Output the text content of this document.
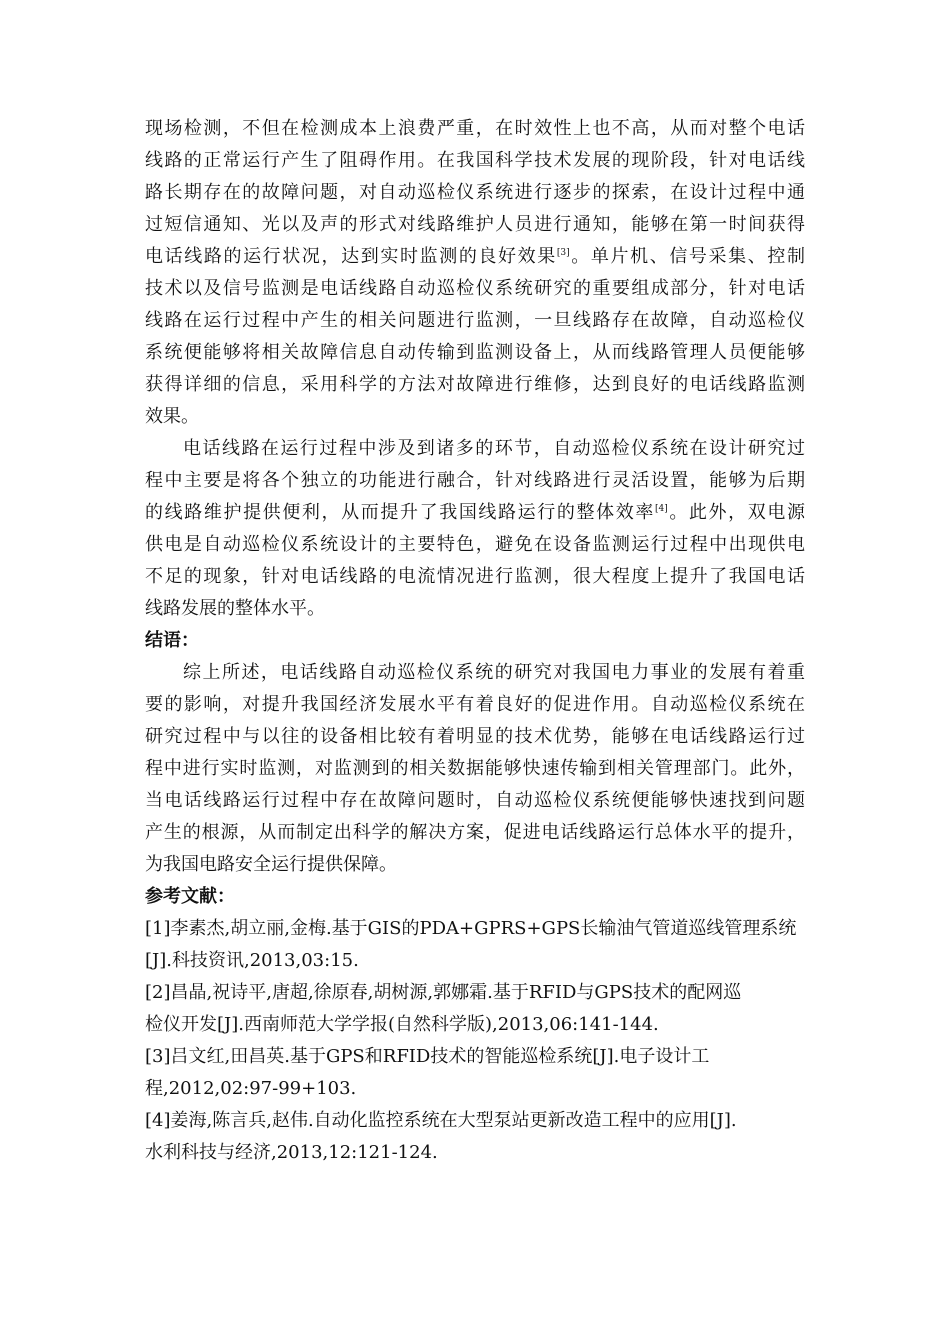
现场检测，不但在检测成本上浪费严重，在时效性上也不高，从而对整个电话
线路的正常运行产生了阻碍作用。在我国科学技术发展的现阶段，针对电话线
路长期存在的故障问题，对自动巡检仪系统进行逐步的探索，在设计过程中通
过短信通知、光以及声的形式对线路维护人员进行通知，能够在第一时间获得
电话线路的运行状况，达到实时监测的良好效果[3]。单片机、信号采集、控制
技术以及信号监测是电话线路自动巡检仪系统研究的重要组成部分，针对电话
线路在运行过程中产生的相关问题进行监测，一旦线路存在故障，自动巡检仪
系统便能够将相关故障信息自动传输到监测设备上，从而线路管理人员便能够
获得详细的信息，采用科学的方法对故障进行维修，达到良好的电话线路监测
效果。
电话线路在运行过程中涉及到诸多的环节，自动巡检仪系统在设计研究过
程中主要是将各个独立的功能进行融合，针对线路进行灵活设置，能够为后期
的线路维护提供便利，从而提升了我国线路运行的整体效率[4]。此外，双电源
供电是自动巡检仪系统设计的主要特色，避免在设备监测运行过程中出现供电
不足的现象，针对电话线路的电流情况进行监测，很大程度上提升了我国电话
线路发展的整体水平。
结语：
综上所述，电话线路自动巡检仪系统的研究对我国电力事业的发展有着重
要的影响，对提升我国经济发展水平有着良好的促进作用。自动巡检仪系统在
研究过程中与以往的设备相比较有着明显的技术优势，能够在电话线路运行过
程中进行实时监测，对监测到的相关数据能够快速传输到相关管理部门。此外，
当电话线路运行过程中存在故障问题时，自动巡检仪系统便能够快速找到问题
产生的根源，从而制定出科学的解决方案，促进电话线路运行总体水平的提升，
为我国电路安全运行提供保障。
参考文献：
[1]李素杰,胡立丽,金梅.基于GIS的PDA+GPRS+GPS长输油气管道巡线管理系统
[J].科技资讯,2013,03:15.
[2]昌晶,祝诗平,唐超,徐原春,胡树源,郭娜霜.基于RFID与GPS技术的配网巡
检仪开发[J].西南师范大学学报(自然科学版),2013,06:141-144.
[3]吕文红,田昌英.基于GPS和RFID技术的智能巡检系统[J].电子设计工
程,2012,02:97-99+103.
[4]姜海,陈言兵,赵伟.自动化监控系统在大型泵站更新改造工程中的应用[J].
水利科技与经济,2013,12:121-124.
